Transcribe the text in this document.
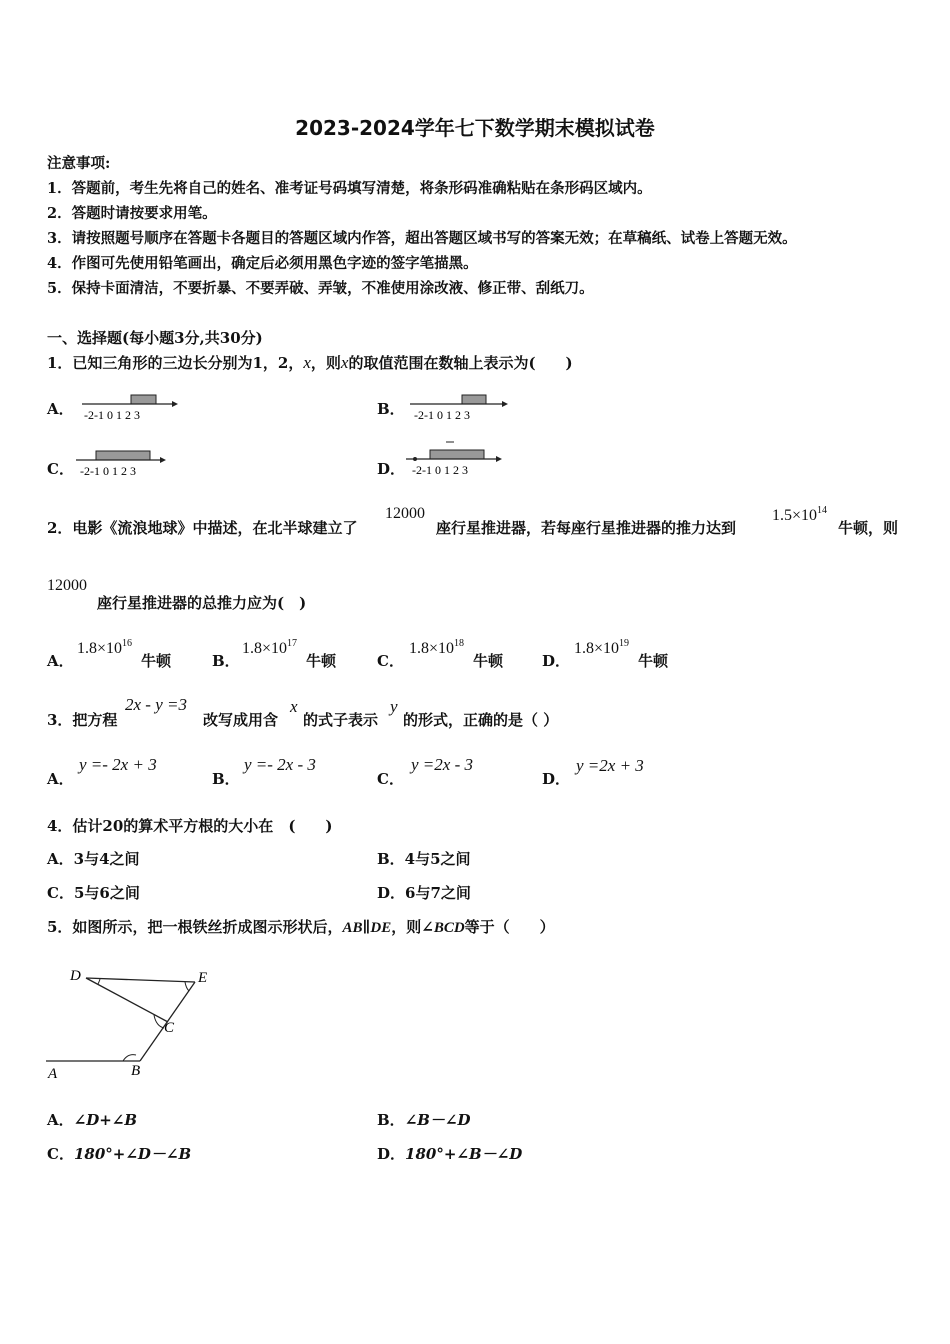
2023-2024学年七下数学期末模拟试卷
注意事项:
1．答题前，考生先将自己的姓名、准考证号码填写清楚，将条形码准确粘贴在条形码区域内。
2．答题时请按要求用笔。
3．请按照题号顺序在答题卡各题目的答题区域内作答，超出答题区域书写的答案无效；在草稿纸、试卷上答题无效。
4．作图可先使用铅笔画出，确定后必须用黑色字迹的签字笔描黑。
5．保持卡面清洁，不要折暴、不要弄破、弄皱，不准使用涂改液、修正带、刮纸刀。
一、选择题(每小题3分,共30分)
1．已知三角形的三边长分别为1，2，x，则x的取值范围在数轴上表示为(　　)
A． -2-1 0 1 2 3	B． -2-1 0 1 2 3
C． -2-1 0 1 2 3	D． -2-1 0 1 2 3
2．电影《流浪地球》中描述，在北半球建立了
12000
座行星推进器，若每座行星推进器的推力达到
$1.5\times 10^{14}$
牛顿，则
12000
座行星推进器的总推力应为(　)
A．
$1.8\times 10^{16}$
牛顿	B．
$1.8\times 10^{17}$
牛顿	C．
$1.8\times 10^{18}$
牛顿	D．
$1.8\times 10^{19}$
牛顿
3．把方程
2x - y =3
改写成用含
x
的式子表示
y
的形式，正确的是（ ）
A．
y =- 2x + 3
B．
y =- 2x - 3
C．
y =2x - 3
D．
y =2x + 3
4．估计20的算术平方根的大小在　(　　)
A．3与4之间	B．4与5之间
C．5与6之间	D．6与7之间
5．如图所示，把一根铁丝折成图示形状后，AB∥DE，则∠BCD等于（　　）
D	E
C
A	B
A．∠D+∠B	B．∠B－∠D
C．180°+∠D－∠B	D．180°+∠B－∠D
